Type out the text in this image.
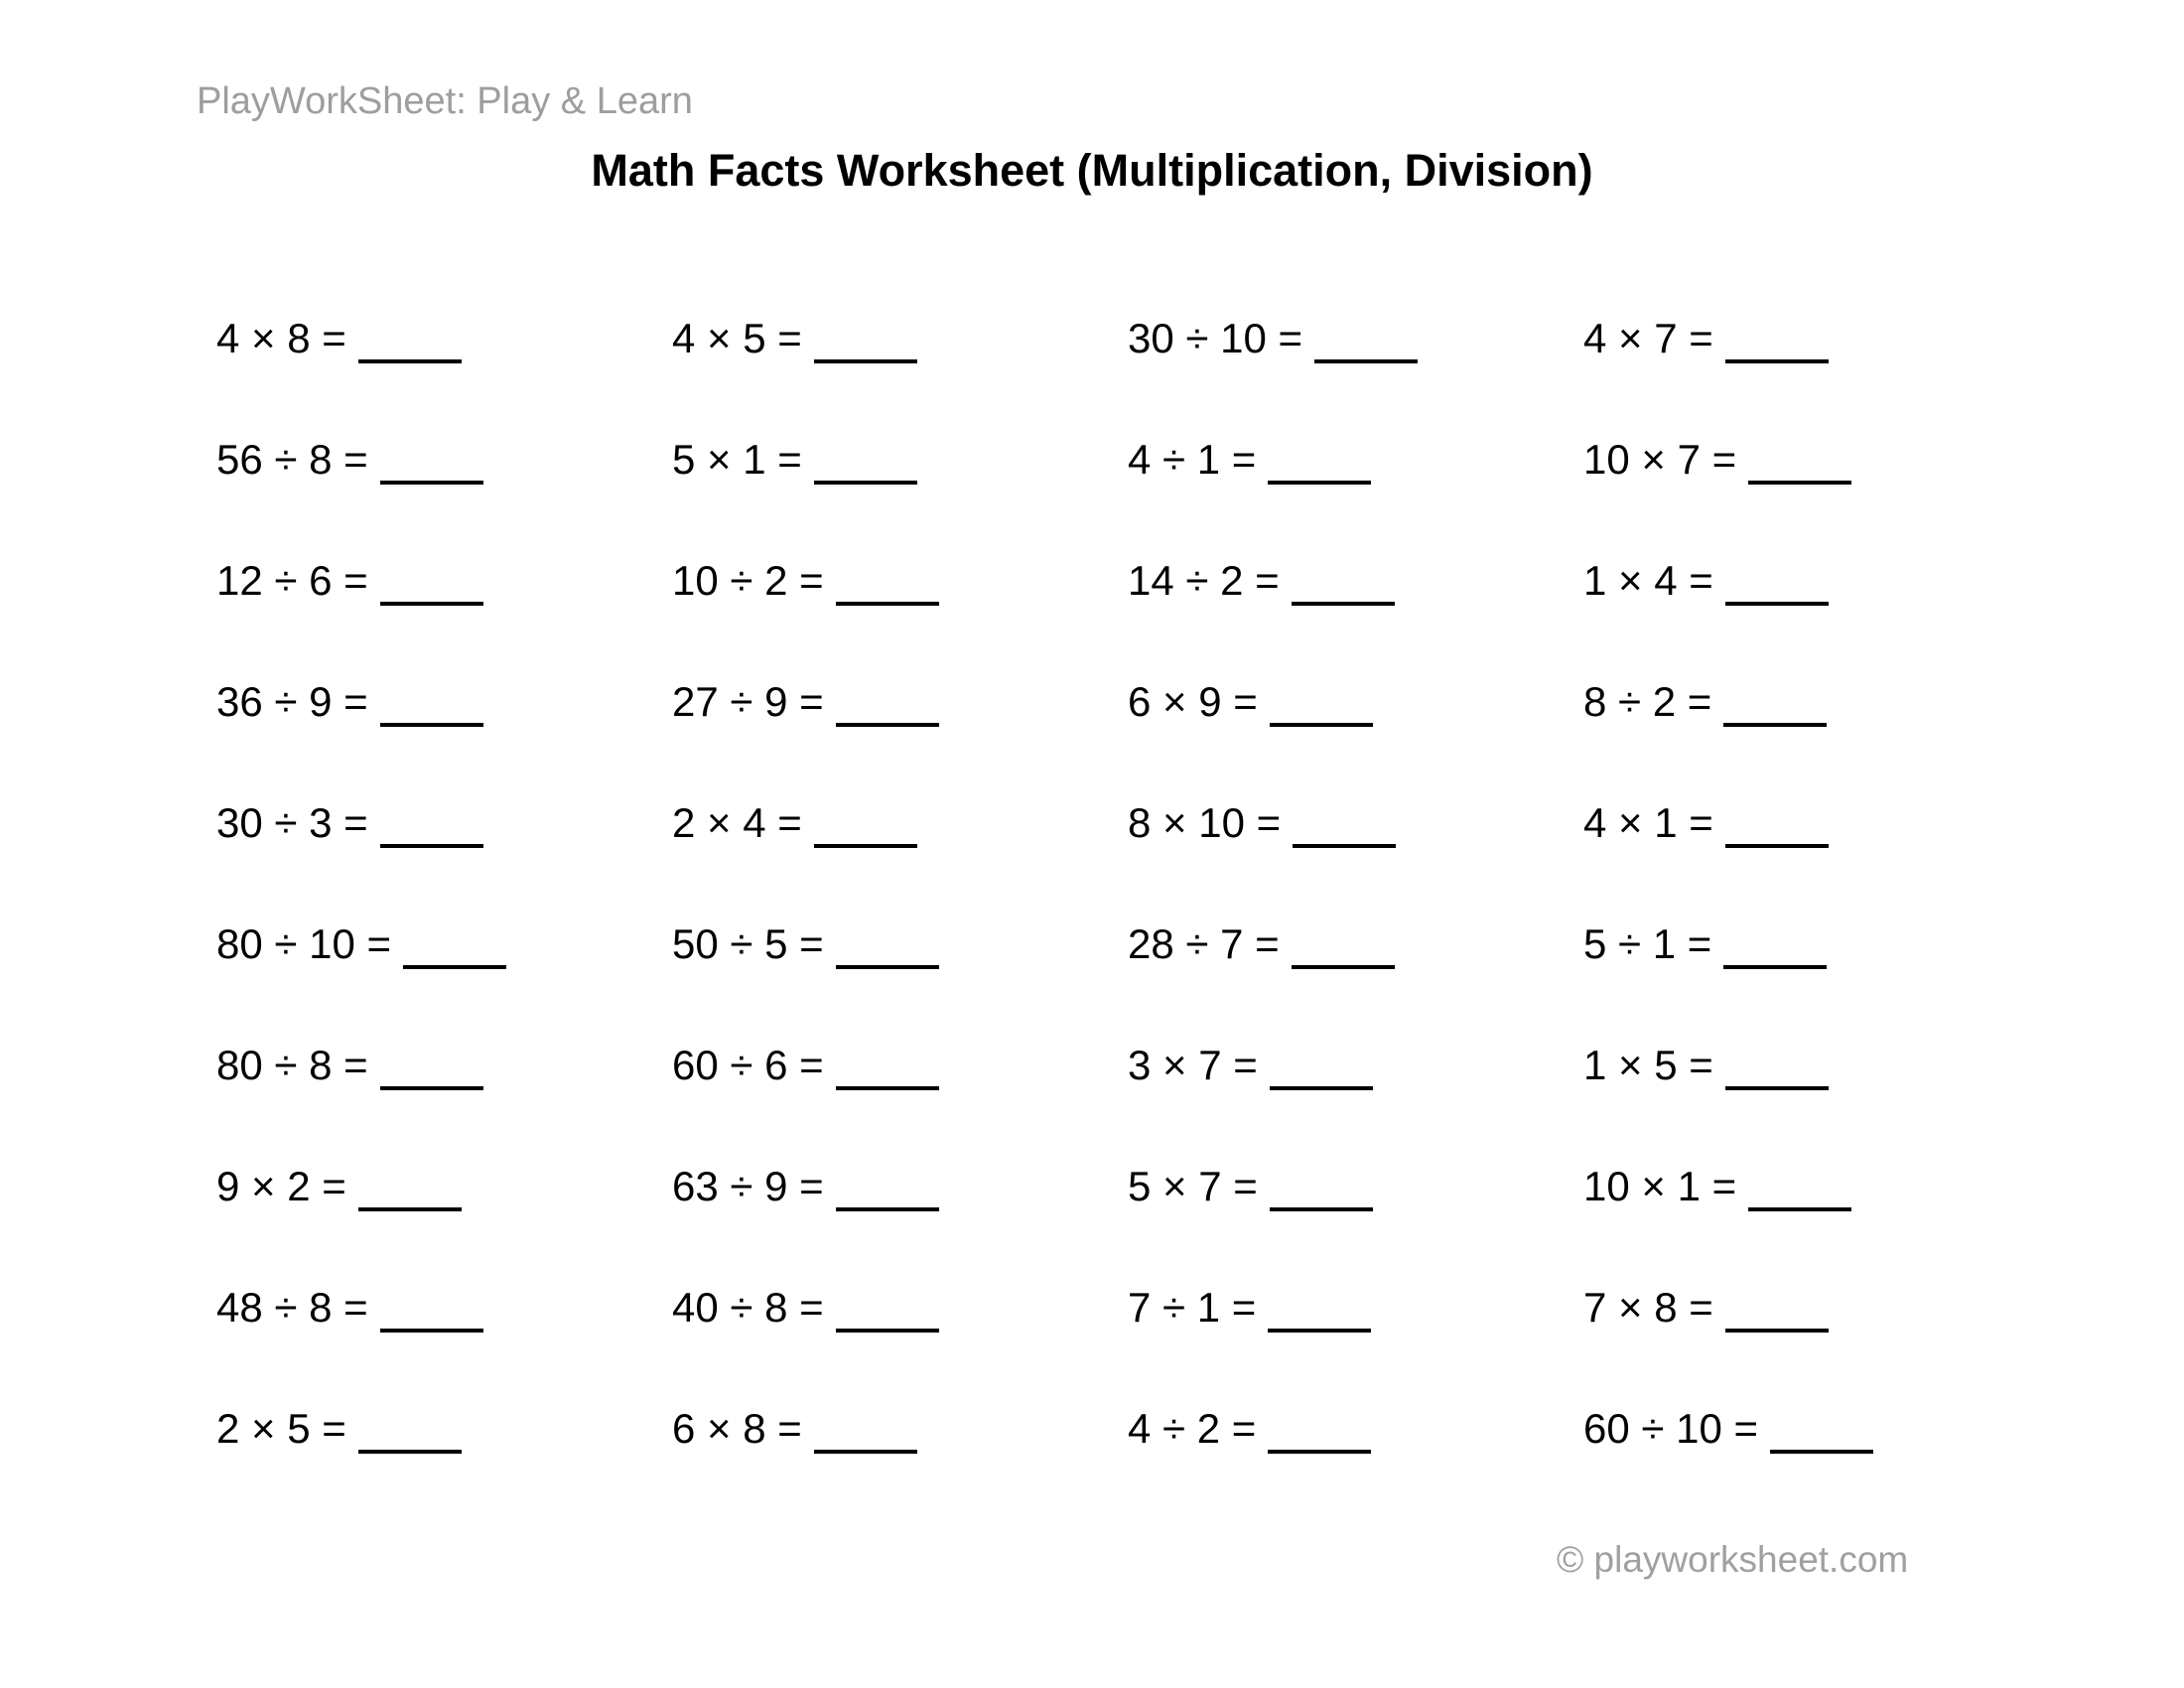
PlayWorkSheet: Play & Learn
Math Facts Worksheet (Multiplication, Division)
4 × 8 =	4 × 5 =	30 ÷ 10 =	4 × 7 =
56 ÷ 8 =	5 × 1 =	4 ÷ 1 =	10 × 7 =
12 ÷ 6 =	10 ÷ 2 =	14 ÷ 2 =	1 × 4 =
36 ÷ 9 =	27 ÷ 9 =	6 × 9 =	8 ÷ 2 =
30 ÷ 3 =	2 × 4 =	8 × 10 =	4 × 1 =
80 ÷ 10 =	50 ÷ 5 =	28 ÷ 7 =	5 ÷ 1 =
80 ÷ 8 =	60 ÷ 6 =	3 × 7 =	1 × 5 =
9 × 2 =	63 ÷ 9 =	5 × 7 =	10 × 1 =
48 ÷ 8 =	40 ÷ 8 =	7 ÷ 1 =	7 × 8 =
2 × 5 =	6 × 8 =	4 ÷ 2 =	60 ÷ 10 =
© playworksheet.com
